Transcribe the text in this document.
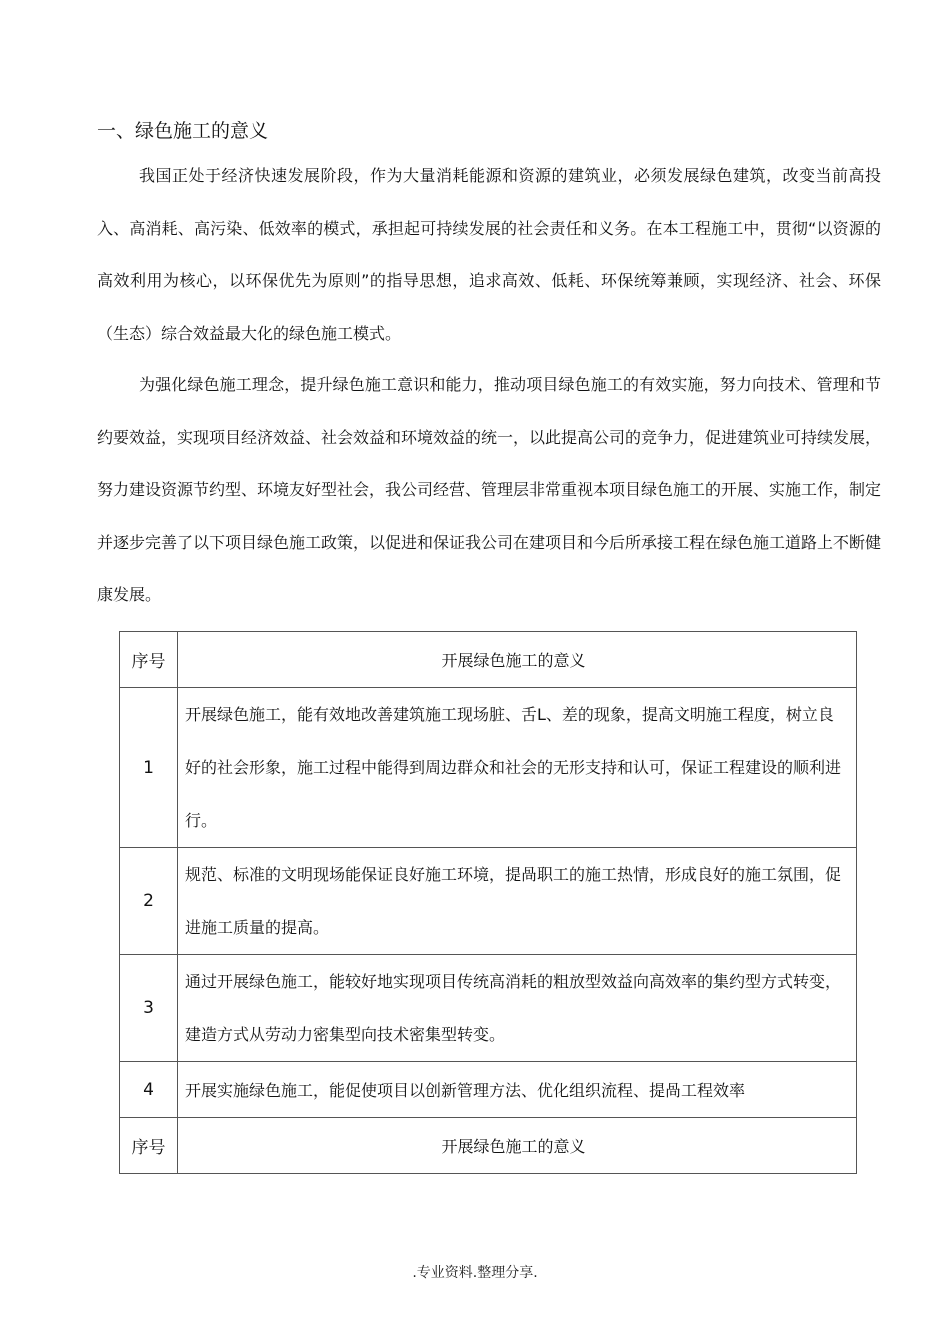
一、绿色施工的意义

我国正处于经济快速发展阶段，作为大量消耗能源和资源的建筑业，必须发展绿色建筑，改变当前高投入、高消耗、高污染、低效率的模式，承担起可持续发展的社会责任和义务。在本工程施工中，贯彻“以资源的高效利用为核心，以环保优先为原则”的指导思想，追求高效、低耗、环保统筹兼顾，实现经济、社会、环保（生态）综合效益最大化的绿色施工模式。

为强化绿色施工理念，提升绿色施工意识和能力，推动项目绿色施工的有效实施，努力向技术、管理和节约要效益，实现项目经济效益、社会效益和环境效益的统一，以此提高公司的竞争力，促进建筑业可持续发展，努力建设资源节约型、环境友好型社会，我公司经营、管理层非常重视本项目绿色施工的开展、实施工作，制定并逐步完善了以下项目绿色施工政策，以促进和保证我公司在建项目和今后所承接工程在绿色施工道路上不断健康发展。

序号	开展绿色施工的意义
1	开展绿色施工，能有效地改善建筑施工现场脏、舌L、差的现象，提高文明施工程度，树立良好的社会形象，施工过程中能得到周边群众和社会的无形支持和认可，保证工程建设的顺利进行。
2	规范、标准的文明现场能保证良好施工环境，提咼职工的施工热情，形成良好的施工氛围，促进施工质量的提高。
3	通过开展绿色施工，能较好地实现项目传统高消耗的粗放型效益向高效率的集约型方式转变，建造方式从劳动力密集型向技术密集型转变。
4	开展实施绿色施工，能促使项目以创新管理方法、优化组织流程、提咼工程效率
序号	开展绿色施工的意义
.专业资料.整理分享.
